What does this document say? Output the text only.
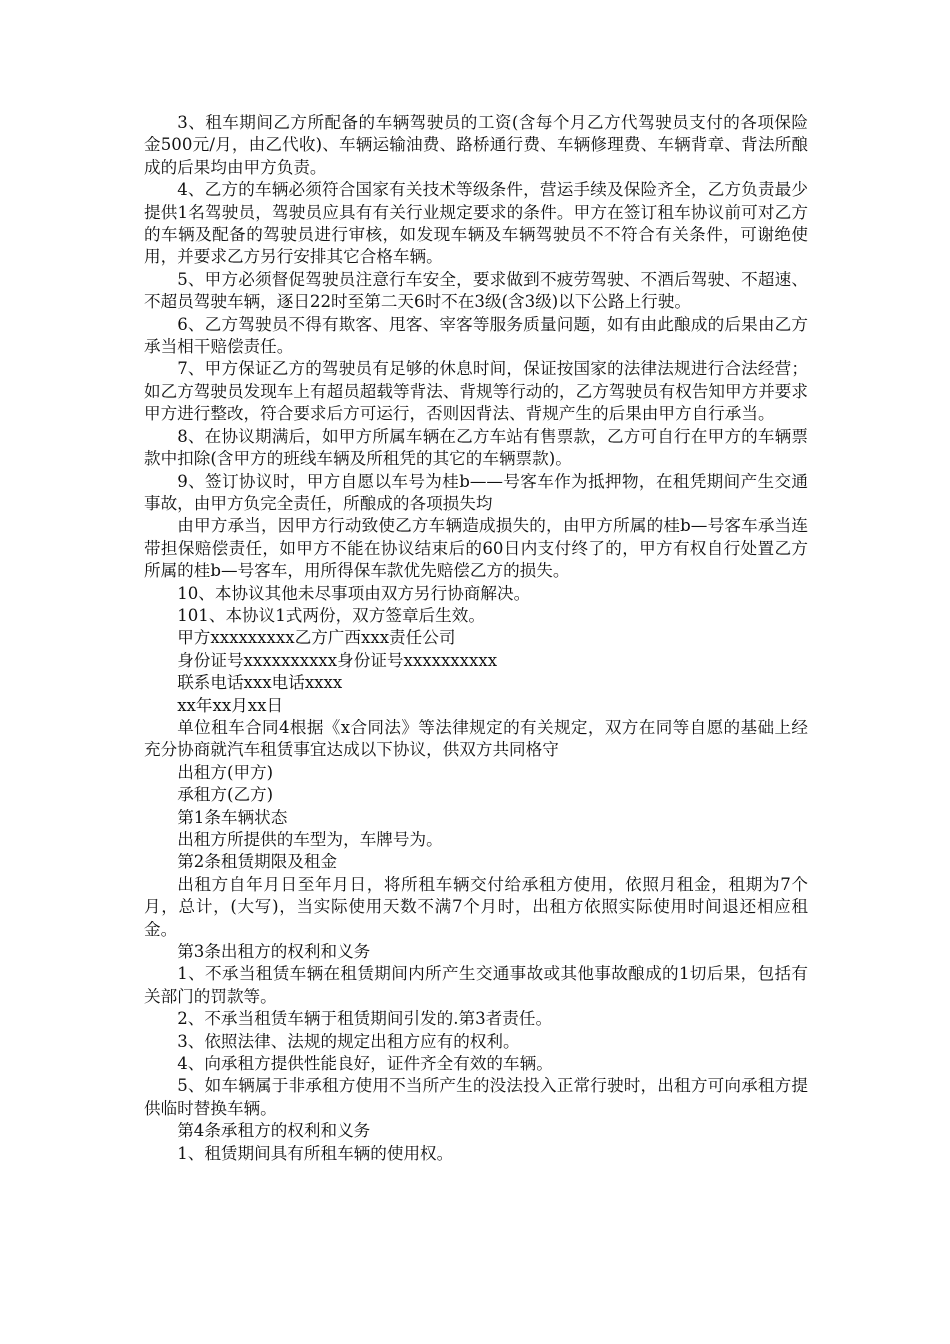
3、租车期间乙方所配备的车辆驾驶员的工资(含每个月乙方代驾驶员支付的各项保险金500元/月，由乙代收)、车辆运输油费、路桥通行费、车辆修理费、车辆背章、背法所酿成的后果均由甲方负责。

4、乙方的车辆必须符合国家有关技术等级条件，营运手续及保险齐全，乙方负责最少提供1名驾驶员，驾驶员应具有有关行业规定要求的条件。甲方在签订租车协议前可对乙方的车辆及配备的驾驶员进行审核，如发现车辆及车辆驾驶员不不符合有关条件，可谢绝使用，并要求乙方另行安排其它合格车辆。

5、甲方必须督促驾驶员注意行车安全，要求做到不疲劳驾驶、不酒后驾驶、不超速、不超员驾驶车辆，逐日22时至第二天6时不在3级(含3级)以下公路上行驶。

6、乙方驾驶员不得有欺客、甩客、宰客等服务质量问题，如有由此酿成的后果由乙方承当相干赔偿责任。

7、甲方保证乙方的驾驶员有足够的休息时间，保证按国家的法律法规进行合法经营；如乙方驾驶员发现车上有超员超载等背法、背规等行动的，乙方驾驶员有权告知甲方并要求甲方进行整改，符合要求后方可运行，否则因背法、背规产生的后果由甲方自行承当。

8、在协议期满后，如甲方所属车辆在乙方车站有售票款，乙方可自行在甲方的车辆票款中扣除(含甲方的班线车辆及所租凭的其它的车辆票款)。

9、签订协议时，甲方自愿以车号为桂b——号客车作为抵押物，在租凭期间产生交通事故，由甲方负完全责任，所酿成的各项损失均

由甲方承当，因甲方行动致使乙方车辆造成损失的，由甲方所属的桂b—号客车承当连带担保赔偿责任，如甲方不能在协议结束后的60日内支付终了的，甲方有权自行处置乙方所属的桂b—号客车，用所得保车款优先赔偿乙方的损失。

10、本协议其他未尽事项由双方另行协商解决。

101、本协议1式两份，双方签章后生效。

甲方xxxxxxxxx乙方广西xxx责任公司

身份证号xxxxxxxxxx身份证号xxxxxxxxxx

联系电话xxx电话xxxx

xx年xx月xx日

单位租车合同4根据《x合同法》等法律规定的有关规定，双方在同等自愿的基础上经充分协商就汽车租赁事宜达成以下协议，供双方共同格守

出租方(甲方)

承租方(乙方)

第1条车辆状态

出租方所提供的车型为，车牌号为。

第2条租赁期限及租金

出租方自年月日至年月日，将所租车辆交付给承租方使用，依照月租金，租期为7个月，总计，(大写)，当实际使用天数不满7个月时，出租方依照实际使用时间退还相应租金。

第3条出租方的权利和义务

1、不承当租赁车辆在租赁期间内所产生交通事故或其他事故酿成的1切后果，包括有关部门的罚款等。

2、不承当租赁车辆于租赁期间引发的.第3者责任。

3、依照法律、法规的规定出租方应有的权利。

4、向承租方提供性能良好，证件齐全有效的车辆。

5、如车辆属于非承租方使用不当所产生的没法投入正常行驶时，出租方可向承租方提供临时替换车辆。

第4条承租方的权利和义务

1、租赁期间具有所租车辆的使用权。
